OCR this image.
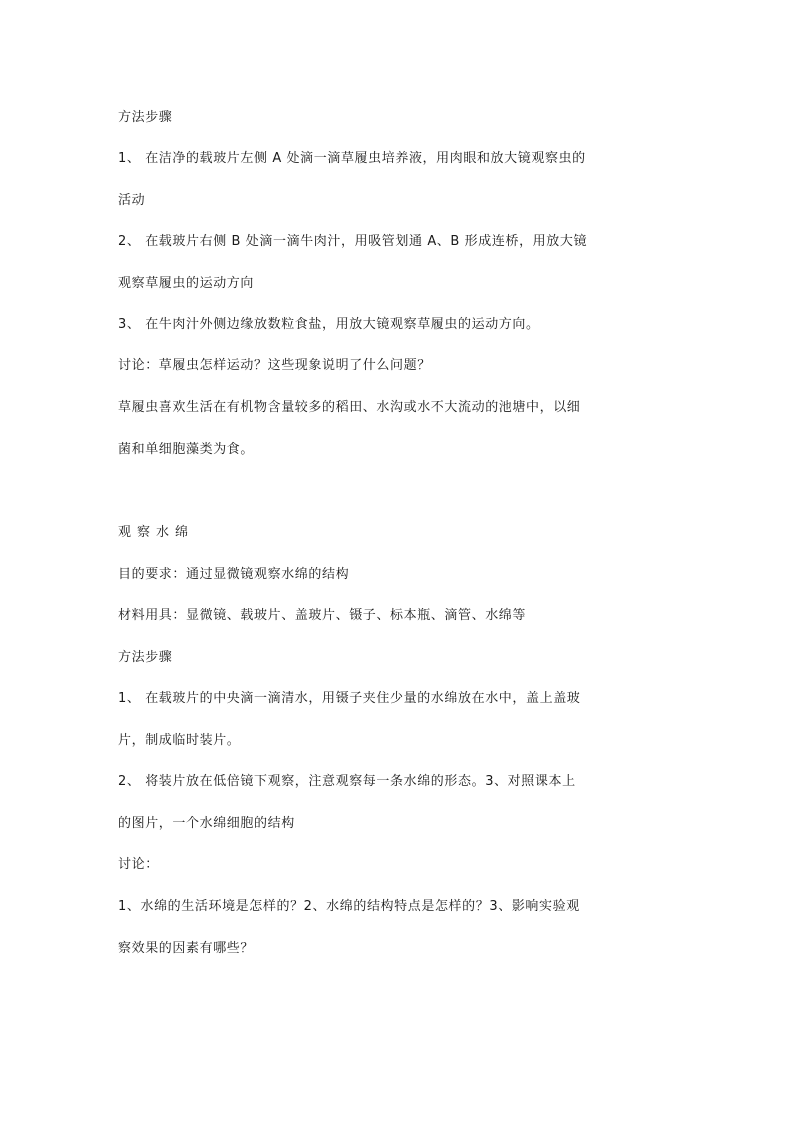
方法步骤
1、 在洁净的载玻片左侧 A 处滴一滴草履虫培养液，用肉眼和放大镜观察虫的
活动
2、 在载玻片右侧 B 处滴一滴牛肉汁，用吸管划通 A、B 形成连桥，用放大镜
观察草履虫的运动方向
3、 在牛肉汁外侧边缘放数粒食盐，用放大镜观察草履虫的运动方向。
讨论：草履虫怎样运动？这些现象说明了什么问题？
草履虫喜欢生活在有机物含量较多的稻田、水沟或水不大流动的池塘中，以细
菌和单细胞藻类为食。
观察水绵
目的要求：通过显微镜观察水绵的结构
材料用具：显微镜、载玻片、盖玻片、镊子、标本瓶、滴管、水绵等
方法步骤
1、 在载玻片的中央滴一滴清水，用镊子夹住少量的水绵放在水中，盖上盖玻
片，制成临时装片。
2、 将装片放在低倍镜下观察，注意观察每一条水绵的形态。3、对照课本上
的图片，一个水绵细胞的结构
讨论：
1、水绵的生活环境是怎样的？2、水绵的结构特点是怎样的？3、影响实验观
察效果的因素有哪些？
